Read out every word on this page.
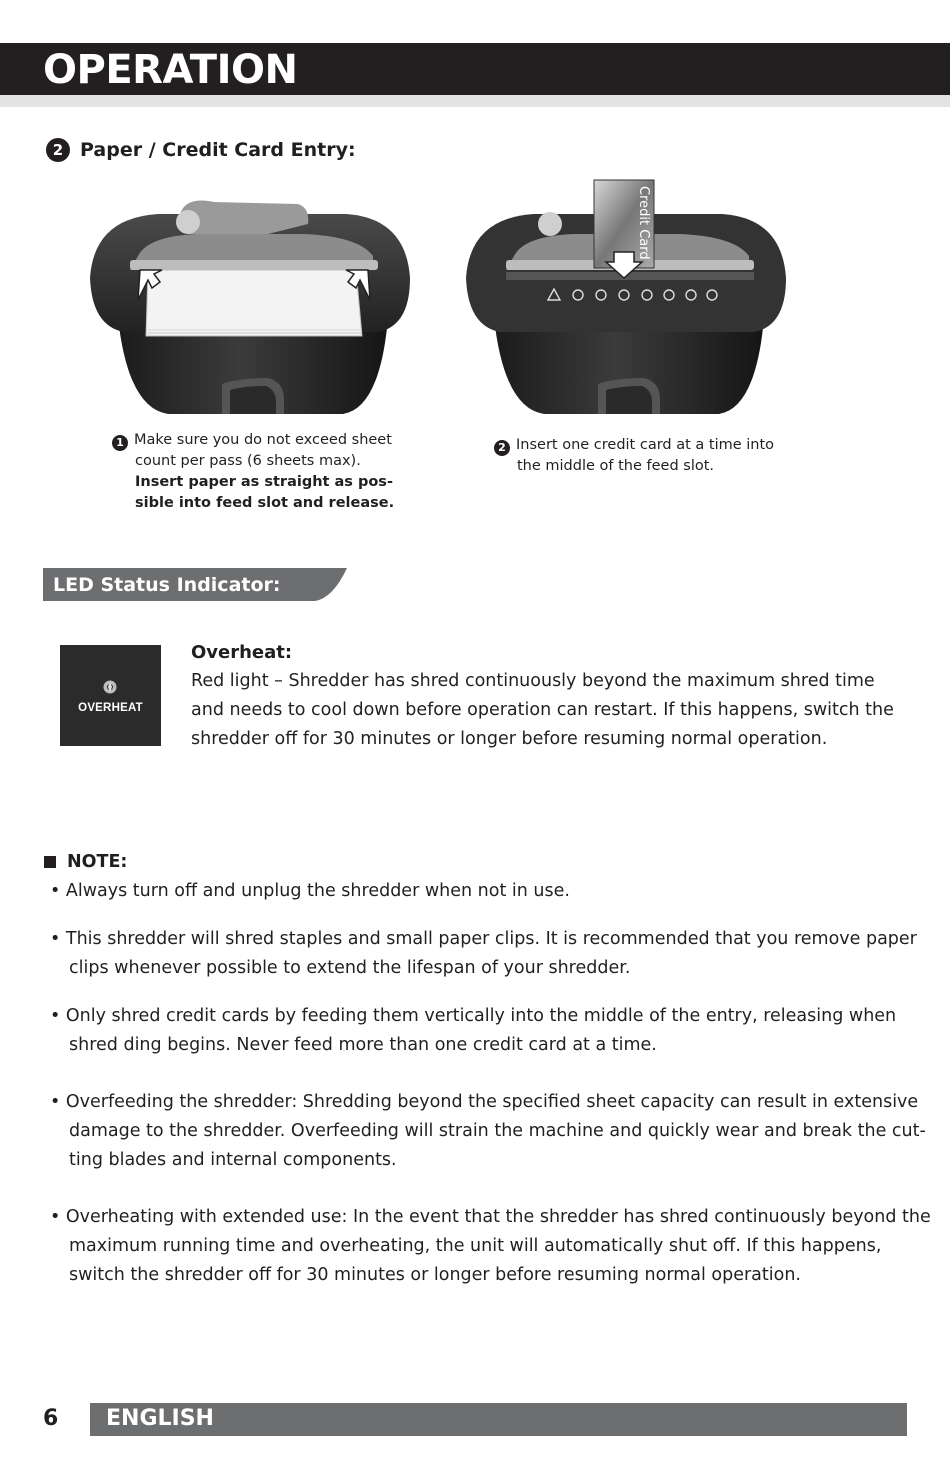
OPERATION
2 Paper / Credit Card Entry:
Credit Card
1 Make sure you do not exceed sheet
count per pass (6 sheets max).
Insert paper as straight as pos-
sible into feed slot and release.
2 Insert one credit card at a time into
the middle of the feed slot.
LED Status Indicator:
OVERHEAT
Overheat:

Red light – Shredder has shred continuously beyond the maximum shred time and needs to cool down before operation can restart. If this happens, switch the shredder off for 30 minutes or longer before resuming normal operation.

NOTE:

• Always turn off and unplug the shredder when not in use.

• This shredder will shred staples and small paper clips. It is recommended that you remove paper clips whenever possible to extend the lifespan of your shredder.

• Only shred credit cards by feeding them vertically into the middle of the entry, releasing when shred ding begins. Never feed more than one credit card at a time.

• Overfeeding the shredder: Shredding beyond the specified sheet capacity can result in extensive damage to the shredder. Overfeeding will strain the machine and quickly wear and break the cut- ting blades and internal components.

• Overheating with extended use: In the event that the shredder has shred continuously beyond the maximum running time and overheating, the unit will automatically shut off. If this happens, switch the shredder off for 30 minutes or longer before resuming normal operation.

6 ENGLISH
